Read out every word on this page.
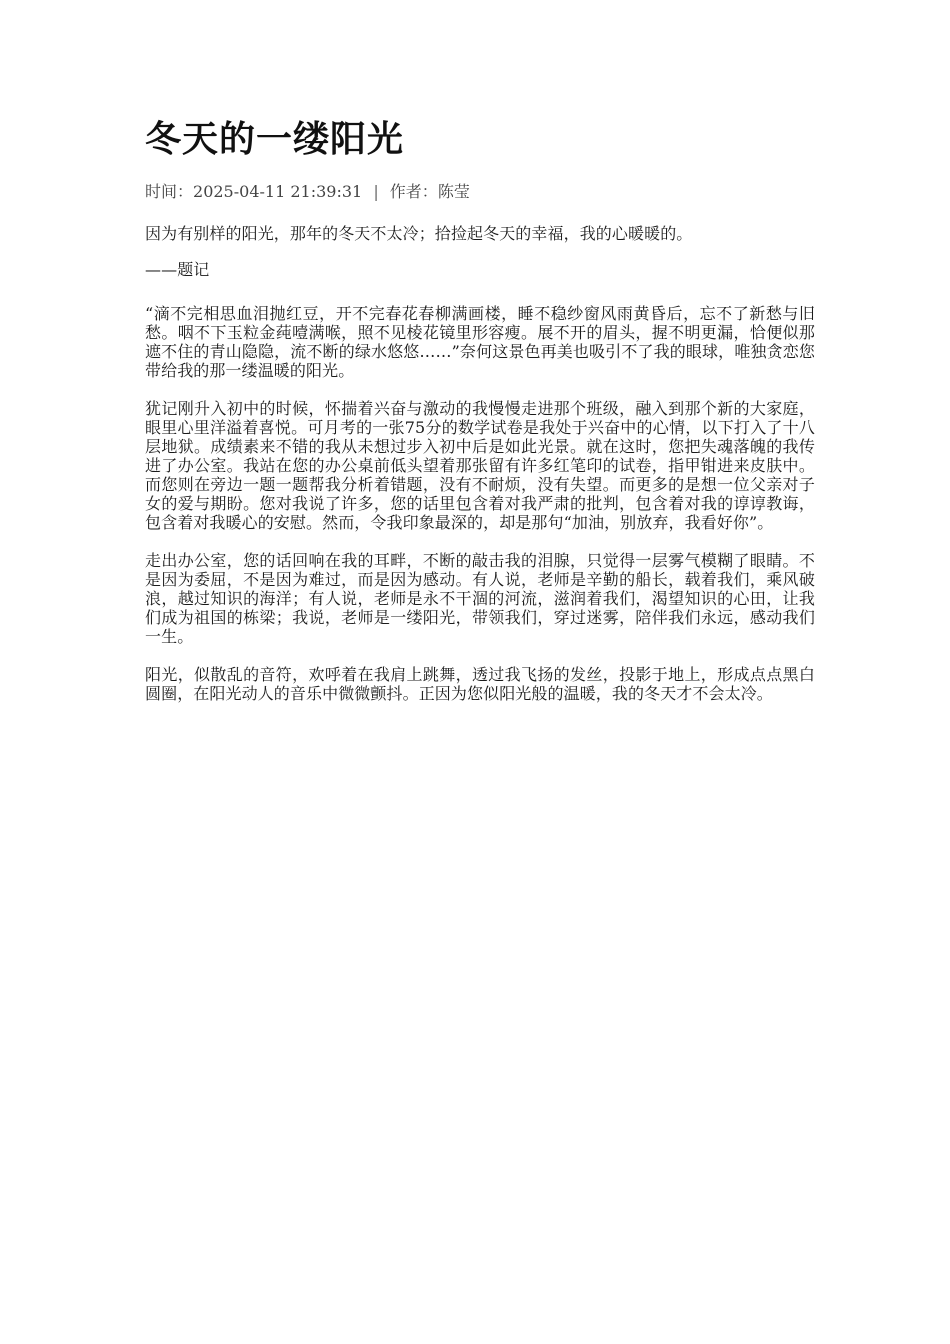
冬天的一缕阳光
时间：2025-04-11 21:39:31 | 作者：陈莹

因为有别样的阳光，那年的冬天不太冷；拾捡起冬天的幸福，我的心暖暖的。

——题记

“滴不完相思血泪抛红豆，开不完春花春柳满画楼，睡不稳纱窗风雨黄昏后，忘不了新愁与旧愁。咽不下玉粒金莼噎满喉，照不见棱花镜里形容瘦。展不开的眉头，握不明更漏，恰便似那遮不住的青山隐隐，流不断的绿水悠悠……”奈何这景色再美也吸引不了我的眼球，唯独贪恋您带给我的那一缕温暖的阳光。

犹记刚升入初中的时候，怀揣着兴奋与激动的我慢慢走进那个班级，融入到那个新的大家庭，眼里心里洋溢着喜悦。可月考的一张75分的数学试卷是我处于兴奋中的心情，以下打入了十八层地狱。成绩素来不错的我从未想过步入初中后是如此光景。就在这时，您把失魂落魄的我传进了办公室。我站在您的办公桌前低头望着那张留有许多红笔印的试卷，指甲钳进来皮肤中。而您则在旁边一题一题帮我分析着错题，没有不耐烦，没有失望。而更多的是想一位父亲对子女的爱与期盼。您对我说了许多，您的话里包含着对我严肃的批判，包含着对我的谆谆教诲，包含着对我暖心的安慰。然而，令我印象最深的，却是那句“加油，别放弃，我看好你”。

走出办公室，您的话回响在我的耳畔，不断的敲击我的泪腺，只觉得一层雾气模糊了眼睛。不是因为委屈，不是因为难过，而是因为感动。有人说，老师是辛勤的船长，载着我们，乘风破浪，越过知识的海洋；有人说，老师是永不干涸的河流，滋润着我们，渴望知识的心田，让我们成为祖国的栋梁；我说，老师是一缕阳光，带领我们，穿过迷雾，陪伴我们永远，感动我们一生。

阳光，似散乱的音符，欢呼着在我肩上跳舞，透过我飞扬的发丝，投影于地上，形成点点黑白圆圈，在阳光动人的音乐中微微颤抖。正因为您似阳光般的温暖，我的冬天才不会太冷。
